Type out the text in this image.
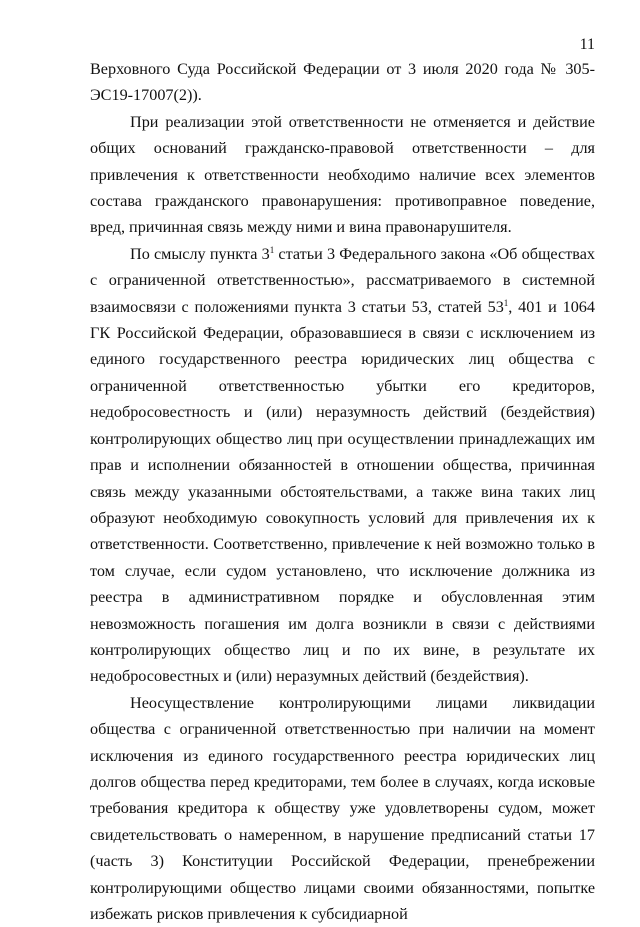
11

Верховного Суда Российской Федерации от 3 июля 2020 года № 305-ЭС19-17007(2)).

При реализации этой ответственности не отменяется и действие общих оснований гражданско-правовой ответственности – для привлечения к ответственности необходимо наличие всех элементов состава гражданского правонарушения: противоправное поведение, вред, причинная связь между ними и вина правонарушителя.

По смыслу пункта $3^1$ статьи 3 Федерального закона «Об обществах с ограниченной ответственностью», рассматриваемого в системной взаимосвязи с положениями пункта 3 статьи 53, статей $53^1$, 401 и 1064 ГК Российской Федерации, образовавшиеся в связи с исключением из единого государственного реестра юридических лиц общества с ограниченной ответственностью убытки его кредиторов, недобросовестность и (или) неразумность действий (бездействия) контролирующих общество лиц при осуществлении принадлежащих им прав и исполнении обязанностей в отношении общества, причинная связь между указанными обстоятельствами, а также вина таких лиц образуют необходимую совокупность условий для привлечения их к ответственности. Соответственно, привлечение к ней возможно только в том случае, если судом установлено, что исключение должника из реестра в административном порядке и обусловленная этим невозможность погашения им долга возникли в связи с действиями контролирующих общество лиц и по их вине, в результате их недобросовестных и (или) неразумных действий (бездействия).

Неосуществление контролирующими лицами ликвидации общества с ограниченной ответственностью при наличии на момент исключения из единого государственного реестра юридических лиц долгов общества перед кредиторами, тем более в случаях, когда исковые требования кредитора к обществу уже удовлетворены судом, может свидетельствовать о намеренном, в нарушение предписаний статьи 17 (часть 3) Конституции Российской Федерации, пренебрежении контролирующими общество лицами своими обязанностями, попытке избежать рисков привлечения к субсидиарной
